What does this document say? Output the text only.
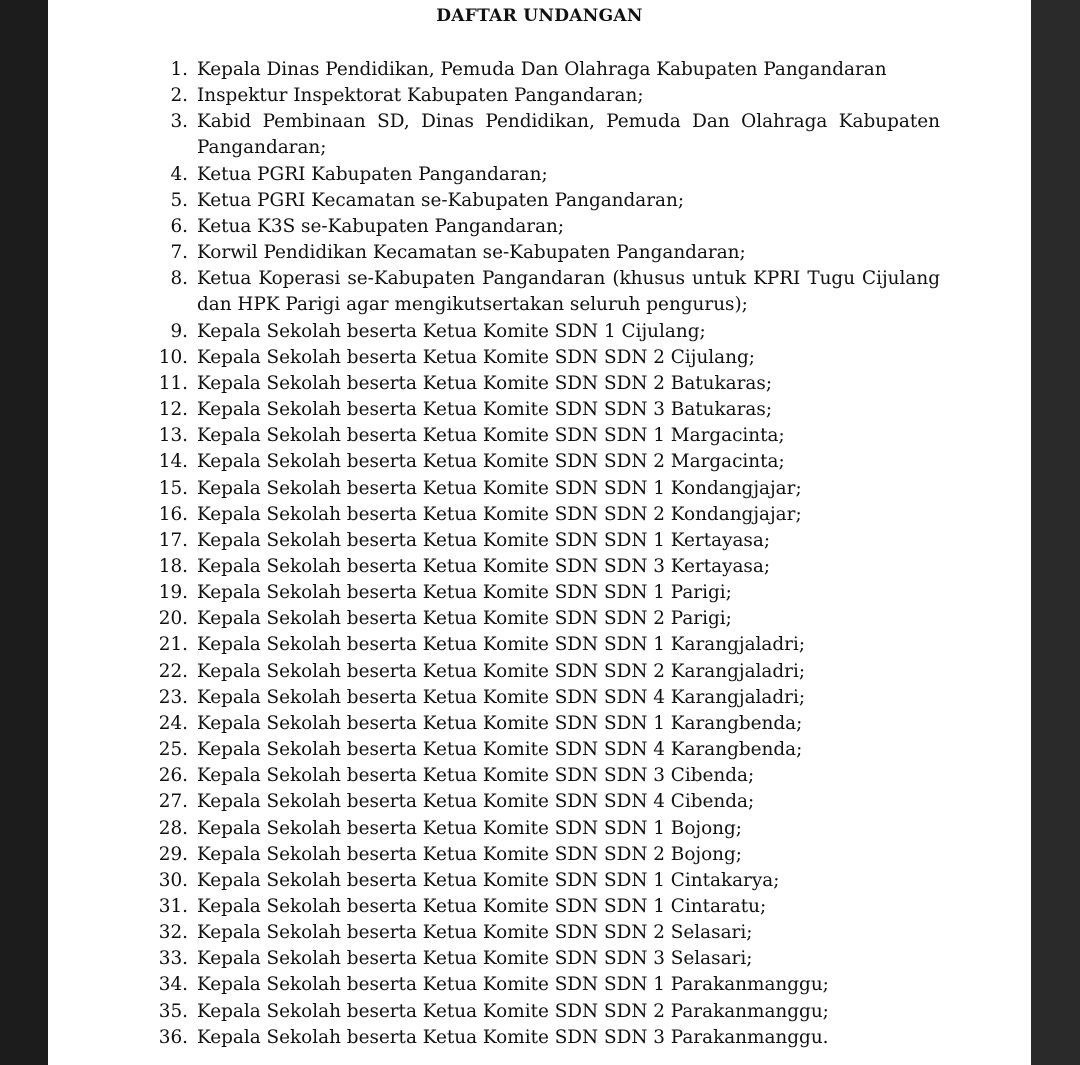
DAFTAR UNDANGAN
1. Kepala Dinas Pendidikan, Pemuda Dan Olahraga Kabupaten Pangandaran
2. Inspektur Inspektorat Kabupaten Pangandaran;
3. Kabid Pembinaan SD, Dinas Pendidikan, Pemuda Dan Olahraga Kabupaten Pangandaran;
4. Ketua PGRI Kabupaten Pangandaran;
5. Ketua PGRI Kecamatan se-Kabupaten Pangandaran;
6. Ketua K3S se-Kabupaten Pangandaran;
7. Korwil Pendidikan Kecamatan se-Kabupaten Pangandaran;
8. Ketua Koperasi se-Kabupaten Pangandaran (khusus untuk KPRI Tugu Cijulang dan HPK Parigi agar mengikutsertakan seluruh pengurus);
9. Kepala Sekolah beserta Ketua Komite SDN 1 Cijulang;
10. Kepala Sekolah beserta Ketua Komite SDN SDN 2 Cijulang;
11. Kepala Sekolah beserta Ketua Komite SDN SDN 2 Batukaras;
12. Kepala Sekolah beserta Ketua Komite SDN SDN 3 Batukaras;
13. Kepala Sekolah beserta Ketua Komite SDN SDN 1 Margacinta;
14. Kepala Sekolah beserta Ketua Komite SDN SDN 2 Margacinta;
15. Kepala Sekolah beserta Ketua Komite SDN SDN 1 Kondangjajar;
16. Kepala Sekolah beserta Ketua Komite SDN SDN 2 Kondangjajar;
17. Kepala Sekolah beserta Ketua Komite SDN SDN 1 Kertayasa;
18. Kepala Sekolah beserta Ketua Komite SDN SDN 3 Kertayasa;
19. Kepala Sekolah beserta Ketua Komite SDN SDN 1 Parigi;
20. Kepala Sekolah beserta Ketua Komite SDN SDN 2 Parigi;
21. Kepala Sekolah beserta Ketua Komite SDN SDN 1 Karangjaladri;
22. Kepala Sekolah beserta Ketua Komite SDN SDN 2 Karangjaladri;
23. Kepala Sekolah beserta Ketua Komite SDN SDN 4 Karangjaladri;
24. Kepala Sekolah beserta Ketua Komite SDN SDN 1 Karangbenda;
25. Kepala Sekolah beserta Ketua Komite SDN SDN 4 Karangbenda;
26. Kepala Sekolah beserta Ketua Komite SDN SDN 3 Cibenda;
27. Kepala Sekolah beserta Ketua Komite SDN SDN 4 Cibenda;
28. Kepala Sekolah beserta Ketua Komite SDN SDN 1 Bojong;
29. Kepala Sekolah beserta Ketua Komite SDN SDN 2 Bojong;
30. Kepala Sekolah beserta Ketua Komite SDN SDN 1 Cintakarya;
31. Kepala Sekolah beserta Ketua Komite SDN SDN 1 Cintaratu;
32. Kepala Sekolah beserta Ketua Komite SDN SDN 2 Selasari;
33. Kepala Sekolah beserta Ketua Komite SDN SDN 3 Selasari;
34. Kepala Sekolah beserta Ketua Komite SDN SDN 1 Parakanmanggu;
35. Kepala Sekolah beserta Ketua Komite SDN SDN 2 Parakanmanggu;
36. Kepala Sekolah beserta Ketua Komite SDN SDN 3 Parakanmanggu.
